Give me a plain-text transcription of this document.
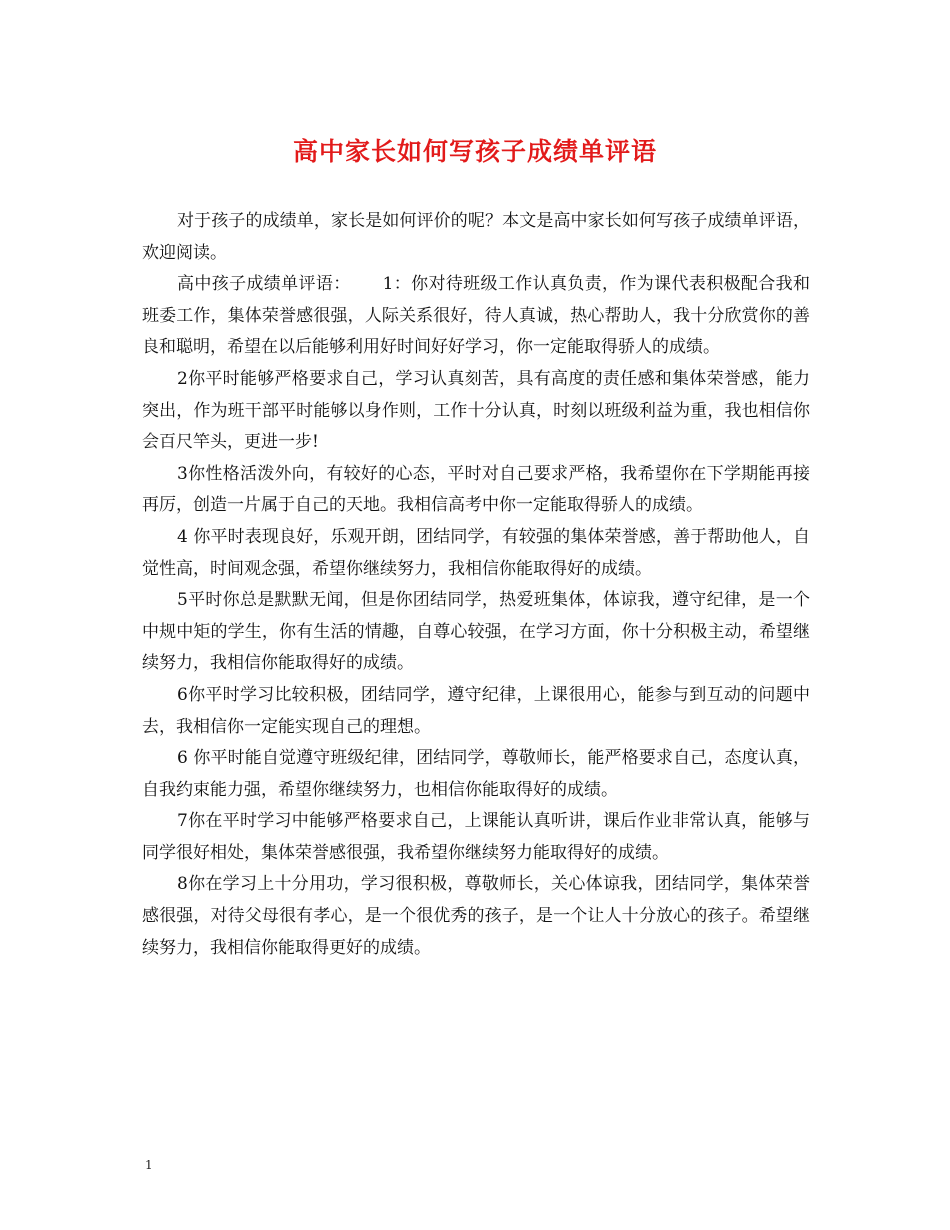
高中家长如何写孩子成绩单评语

对于孩子的成绩单，家长是如何评价的呢？本文是高中家长如何写孩子成绩单评语，欢迎阅读。

高中孩子成绩单评语：　　 1：你对待班级工作认真负责，作为课代表积极配合我和班委工作，集体荣誉感很强，人际关系很好，待人真诚，热心帮助人，我十分欣赏你的善良和聪明，希望在以后能够利用好时间好好学习，你一定能取得骄人的成绩。

2你平时能够严格要求自己，学习认真刻苦，具有高度的责任感和集体荣誉感，能力突出，作为班干部平时能够以身作则，工作十分认真，时刻以班级利益为重，我也相信你会百尺竿头，更进一步!

3你性格活泼外向，有较好的心态，平时对自己要求严格，我希望你在下学期能再接再厉，创造一片属于自己的天地。我相信高考中你一定能取得骄人的成绩。

4 你平时表现良好，乐观开朗，团结同学，有较强的集体荣誉感，善于帮助他人，自觉性高，时间观念强，希望你继续努力，我相信你能取得好的成绩。

5平时你总是默默无闻，但是你团结同学，热爱班集体，体谅我，遵守纪律，是一个中规中矩的学生，你有生活的情趣，自尊心较强，在学习方面，你十分积极主动，希望继续努力，我相信你能取得好的成绩。

6你平时学习比较积极，团结同学，遵守纪律，上课很用心，能参与到互动的问题中去，我相信你一定能实现自己的理想。

6 你平时能自觉遵守班级纪律，团结同学，尊敬师长，能严格要求自己，态度认真，自我约束能力强，希望你继续努力，也相信你能取得好的成绩。

7你在平时学习中能够严格要求自己，上课能认真听讲，课后作业非常认真，能够与同学很好相处，集体荣誉感很强，我希望你继续努力能取得好的成绩。

8你在学习上十分用功，学习很积极，尊敬师长，关心体谅我，团结同学，集体荣誉感很强，对待父母很有孝心，是一个很优秀的孩子，是一个让人十分放心的孩子。希望继续努力，我相信你能取得更好的成绩。

1
